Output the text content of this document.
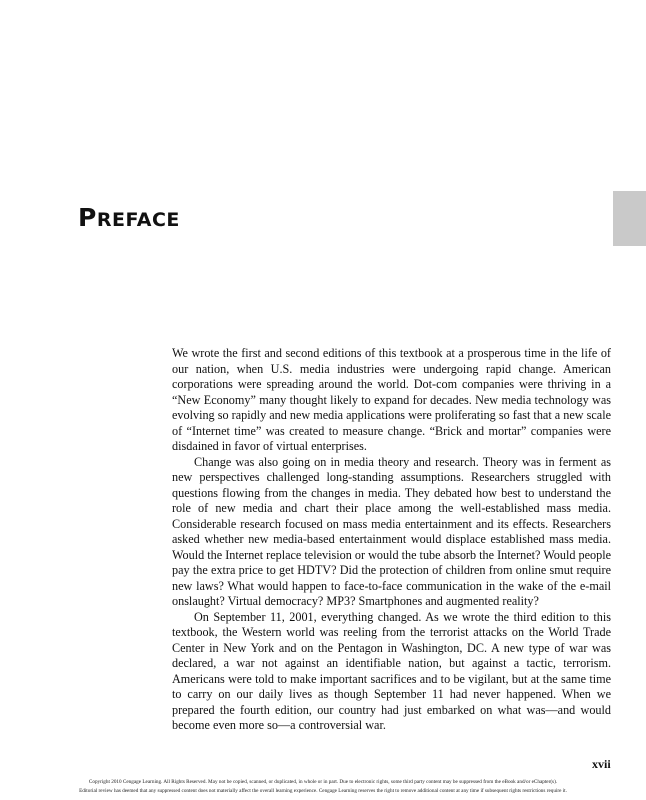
PREFACE

We wrote the first and second editions of this textbook at a prosperous time in the life of our nation, when U.S. media industries were undergoing rapid change. American corporations were spreading around the world. Dot-com companies were thriving in a “New Economy” many thought likely to expand for decades. New media technology was evolving so rapidly and new media applications were proliferating so fast that a new scale of “Internet time” was created to measure change. “Brick and mortar” companies were disdained in favor of virtual enterprises.

Change was also going on in media theory and research. Theory was in ferment as new perspectives challenged long-standing assumptions. Researchers struggled with questions flowing from the changes in media. They debated how best to understand the role of new media and chart their place among the well-established mass media. Considerable research focused on mass media entertainment and its effects. Researchers asked whether new media-based entertainment would displace established mass media. Would the Internet replace television or would the tube absorb the Internet? Would people pay the extra price to get HDTV? Did the protection of children from online smut require new laws? What would happen to face-to-face communication in the wake of the e-mail onslaught? Virtual democracy? MP3? Smartphones and augmented reality?

On September 11, 2001, everything changed. As we wrote the third edition to this textbook, the Western world was reeling from the terrorist attacks on the World Trade Center in New York and on the Pentagon in Washington, DC. A new type of war was declared, a war not against an identifiable nation, but against a tactic, terrorism. Americans were told to make important sacrifices and to be vigilant, but at the same time to carry on our daily lives as though September 11 had never happened. When we prepared the fourth edition, our country had just embarked on what was—and would become even more so—a controversial war.

xvii
Copyright 2010 Cengage Learning. All Rights Reserved. May not be copied, scanned, or duplicated, in whole or in part. Due to electronic rights, some third party content may be suppressed from the eBook and/or eChapter(s).
Editorial review has deemed that any suppressed content does not materially affect the overall learning experience. Cengage Learning reserves the right to remove additional content at any time if subsequent rights restrictions require it.
